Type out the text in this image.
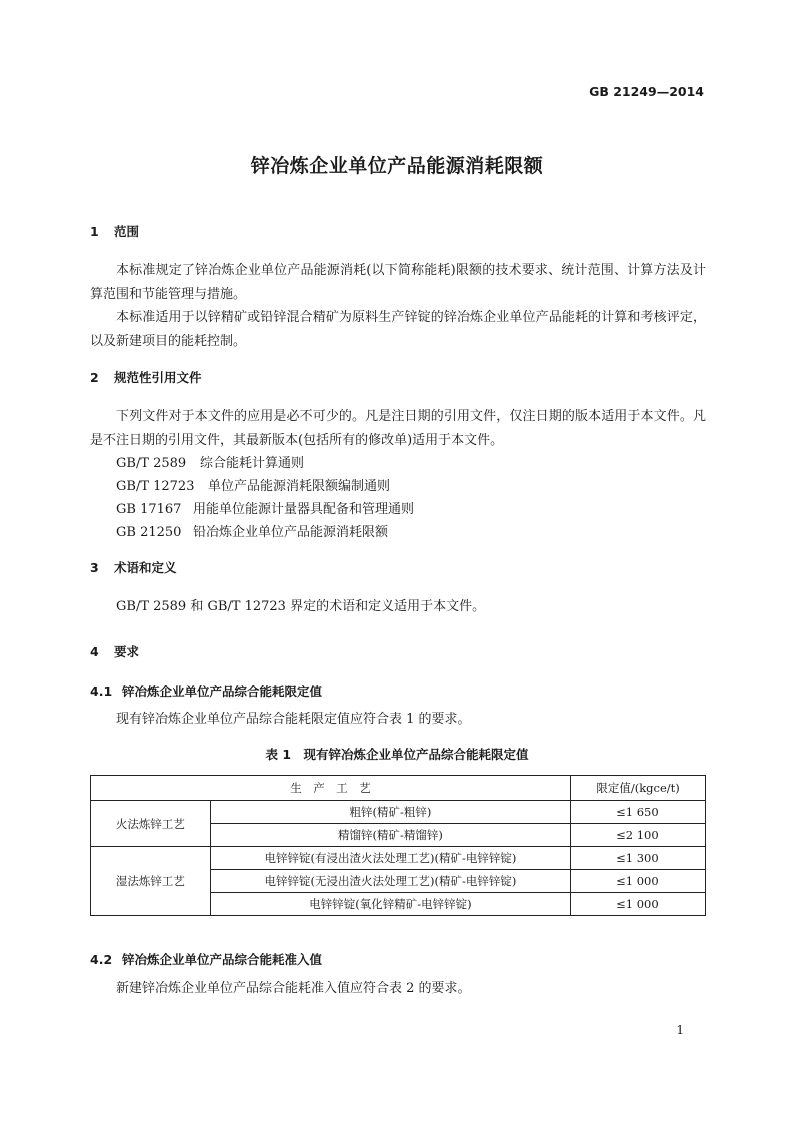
GB 21249—2014
锌冶炼企业单位产品能源消耗限额
1 范围
本标准规定了锌冶炼企业单位产品能源消耗(以下简称能耗)限额的技术要求、统计范围、计算方法及计算范围和节能管理与措施。
本标准适用于以锌精矿或铅锌混合精矿为原料生产锌锭的锌冶炼企业单位产品能耗的计算和考核评定，以及新建项目的能耗控制。
2 规范性引用文件
下列文件对于本文件的应用是必不可少的。凡是注日期的引用文件，仅注日期的版本适用于本文件。凡是不注日期的引用文件，其最新版本(包括所有的修改单)适用于本文件。
GB/T 2589 综合能耗计算通则
GB/T 12723 单位产品能源消耗限额编制通则
GB 17167 用能单位能源计量器具配备和管理通则
GB 21250 铅冶炼企业单位产品能源消耗限额
3 术语和定义
GB/T 2589 和 GB/T 12723 界定的术语和定义适用于本文件。
4 要求
4.1 锌冶炼企业单位产品综合能耗限定值
现有锌冶炼企业单位产品综合能耗限定值应符合表 1 的要求。
表 1　现有锌冶炼企业单位产品综合能耗限定值
生　产　工　艺		限定值/(kgce/t)
火法炼锌工艺	粗锌(精矿-粗锌)	≤1 650
	精馏锌(精矿-精馏锌)	≤2 100
湿法炼锌工艺	电锌锌锭(有浸出渣火法处理工艺)(精矿-电锌锌锭)	≤1 300
	电锌锌锭(无浸出渣火法处理工艺)(精矿-电锌锌锭)	≤1 000
	电锌锌锭(氧化锌精矿-电锌锌锭)	≤1 000
4.2 锌冶炼企业单位产品综合能耗准入值
新建锌冶炼企业单位产品综合能耗准入值应符合表 2 的要求。
1
